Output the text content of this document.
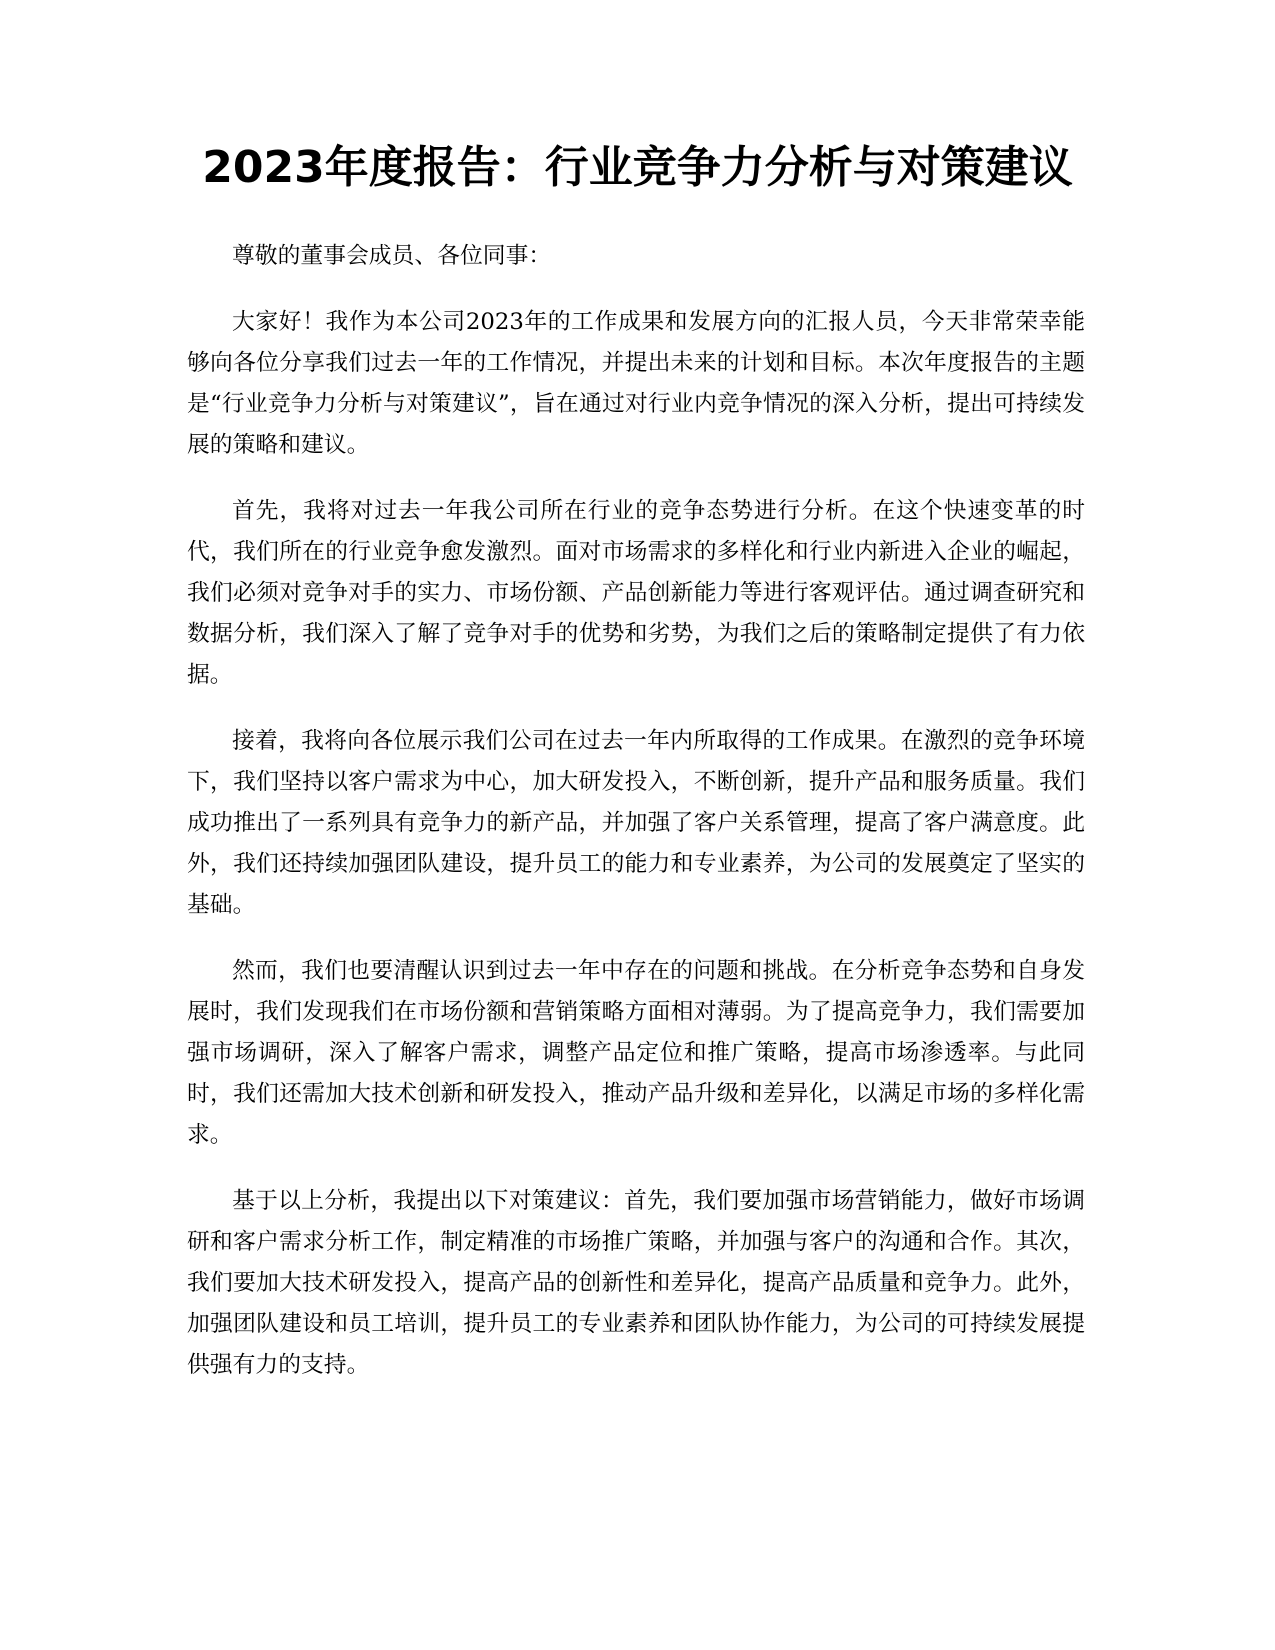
2023年度报告：行业竞争力分析与对策建议

尊敬的董事会成员、各位同事：

大家好！我作为本公司2023年的工作成果和发展方向的汇报人员，今天非常荣幸能够向各位分享我们过去一年的工作情况，并提出未来的计划和目标。本次年度报告的主题是“行业竞争力分析与对策建议”，旨在通过对行业内竞争情况的深入分析，提出可持续发展的策略和建议。

首先，我将对过去一年我公司所在行业的竞争态势进行分析。在这个快速变革的时代，我们所在的行业竞争愈发激烈。面对市场需求的多样化和行业内新进入企业的崛起，我们必须对竞争对手的实力、市场份额、产品创新能力等进行客观评估。通过调查研究和数据分析，我们深入了解了竞争对手的优势和劣势，为我们之后的策略制定提供了有力依据。

接着，我将向各位展示我们公司在过去一年内所取得的工作成果。在激烈的竞争环境下，我们坚持以客户需求为中心，加大研发投入，不断创新，提升产品和服务质量。我们成功推出了一系列具有竞争力的新产品，并加强了客户关系管理，提高了客户满意度。此外，我们还持续加强团队建设，提升员工的能力和专业素养，为公司的发展奠定了坚实的基础。

然而，我们也要清醒认识到过去一年中存在的问题和挑战。在分析竞争态势和自身发展时，我们发现我们在市场份额和营销策略方面相对薄弱。为了提高竞争力，我们需要加强市场调研，深入了解客户需求，调整产品定位和推广策略，提高市场渗透率。与此同时，我们还需加大技术创新和研发投入，推动产品升级和差异化，以满足市场的多样化需求。

基于以上分析，我提出以下对策建议：首先，我们要加强市场营销能力，做好市场调研和客户需求分析工作，制定精准的市场推广策略，并加强与客户的沟通和合作。其次，我们要加大技术研发投入，提高产品的创新性和差异化，提高产品质量和竞争力。此外，加强团队建设和员工培训，提升员工的专业素养和团队协作能力，为公司的可持续发展提供强有力的支持。
